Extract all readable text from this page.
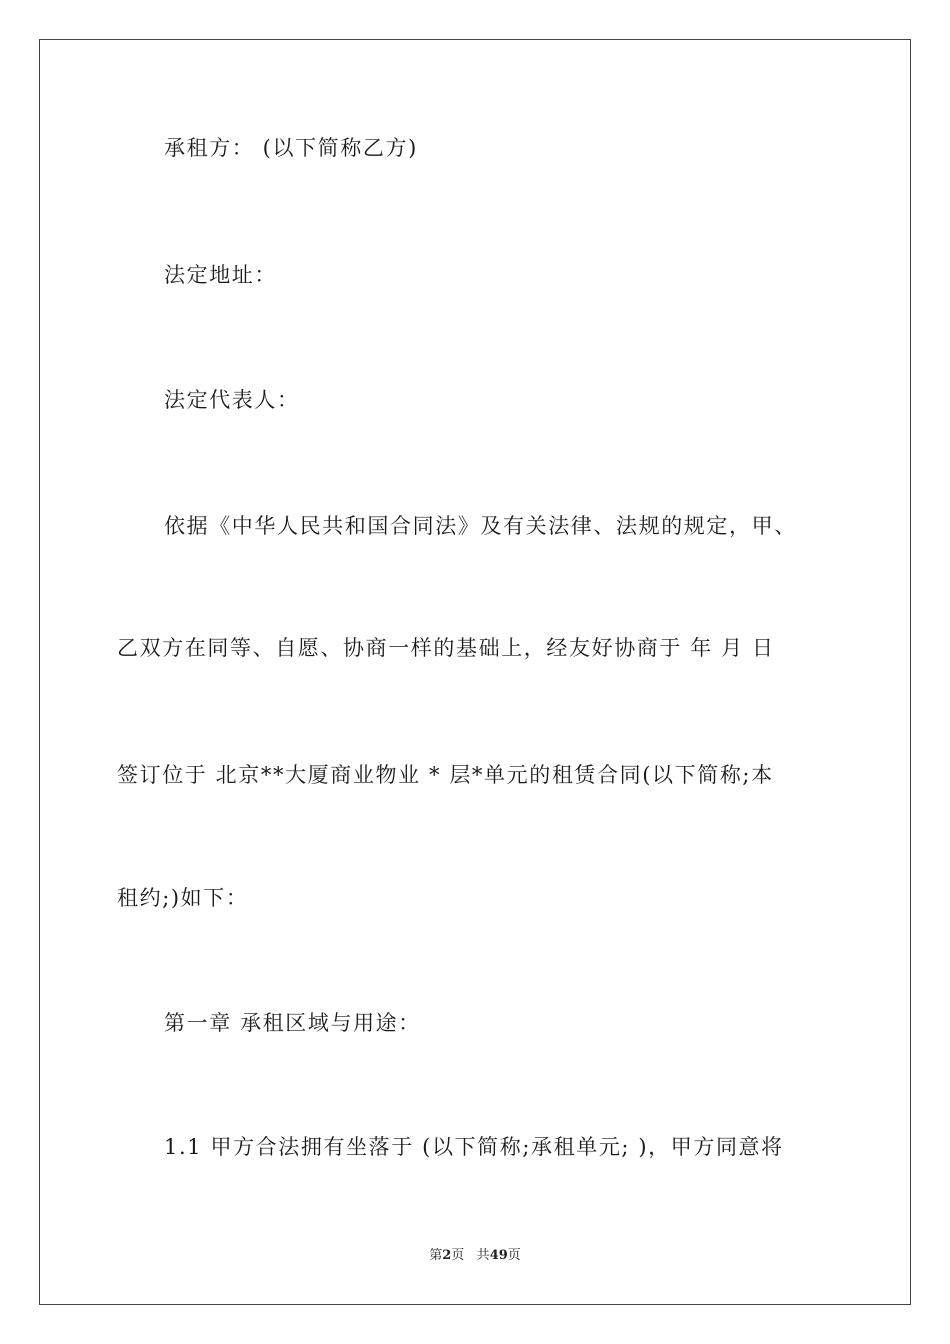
承租方： (以下简称乙方)
法定地址：
法定代表人：
依据《中华人民共和国合同法》及有关法律、法规的规定，甲、
乙双方在同等、自愿、协商一样的基础上，经友好协商于 年 月 日
签订位于 北京**大厦商业物业 * 层*单元的租赁合同(以下简称;本
租约;)如下：
第一章 承租区域与用途：
1.1 甲方合法拥有坐落于 (以下简称;承租单元; )，甲方同意将
第2页 共49页
